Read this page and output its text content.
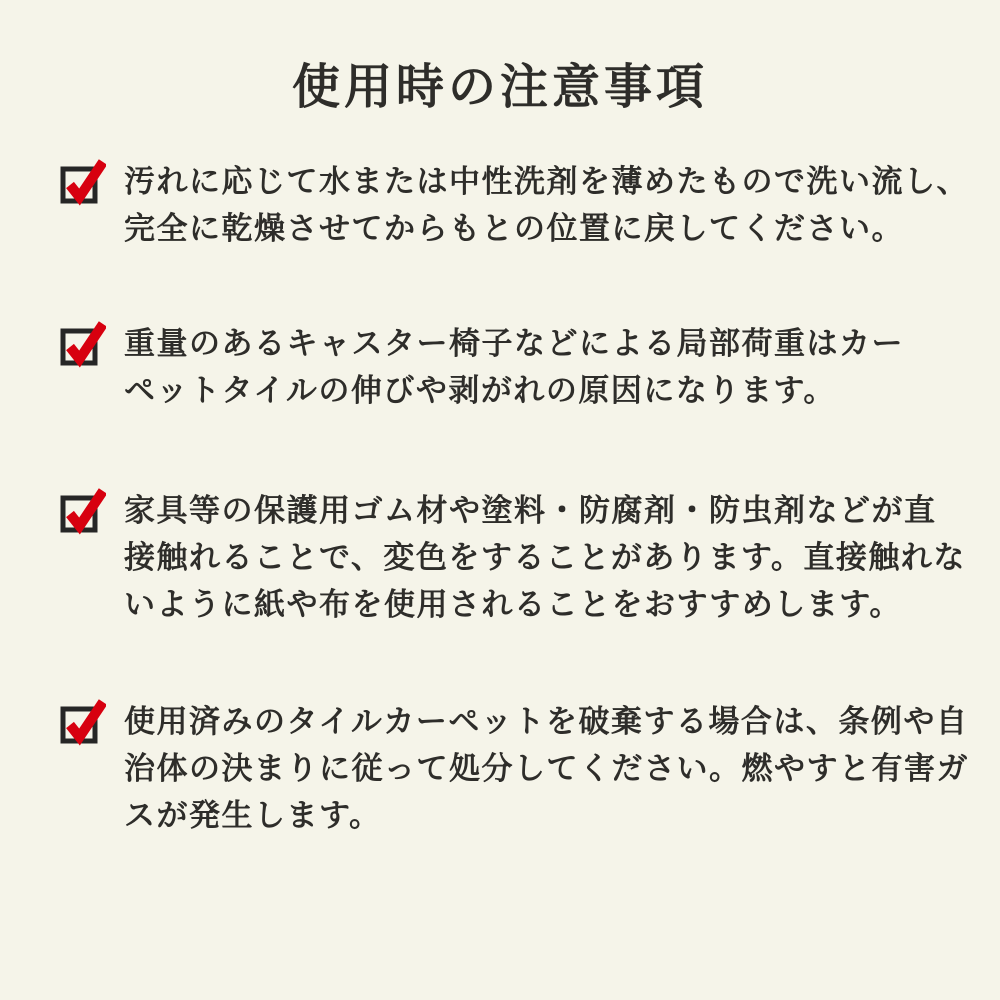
使用時の注意事項
汚れに応じて水または中性洗剤を薄めたもので洗い流し、
完全に乾燥させてからもとの位置に戻してください。
重量のあるキャスター椅子などによる局部荷重はカー
ペットタイルの伸びや剥がれの原因になります。
家具等の保護用ゴム材や塗料・防腐剤・防虫剤などが直
接触れることで、変色をすることがあります。直接触れな
いように紙や布を使用されることをおすすめします。
使用済みのタイルカーペットを破棄する場合は、条例や自
治体の決まりに従って処分してください。燃やすと有害ガ
スが発生します。
